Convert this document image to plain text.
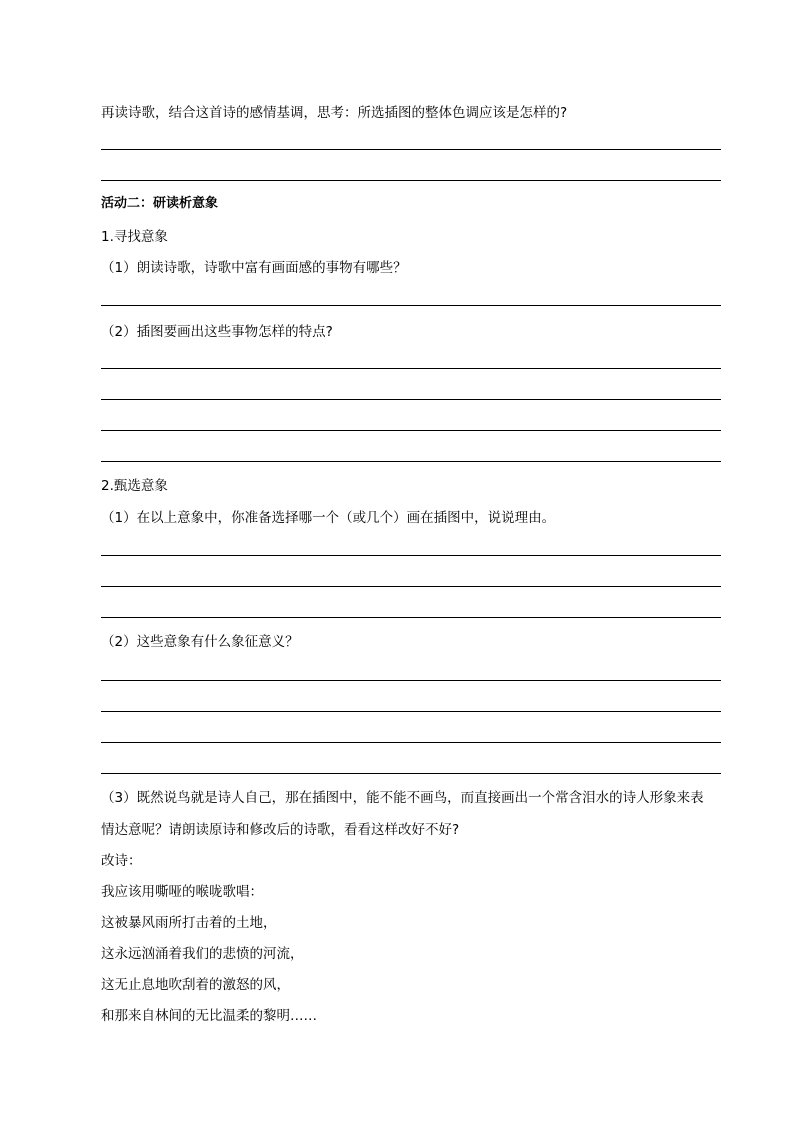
再读诗歌，结合这首诗的感情基调，思考：所选插图的整体色调应该是怎样的?
活动二：研读析意象
1.寻找意象
（1）朗读诗歌，诗歌中富有画面感的事物有哪些？
（2）插图要画出这些事物怎样的特点?
2.甄选意象
（1）在以上意象中，你准备选择哪一个（或几个）画在插图中，说说理由。
（2）这些意象有什么象征意义？
（3）既然说鸟就是诗人自己，那在插图中，能不能不画鸟，而直接画出一个常含泪水的诗人形象来表
情达意呢？请朗读原诗和修改后的诗歌，看看这样改好不好?
改诗：
我应该用嘶哑的喉咙歌唱：
这被暴风雨所打击着的土地，
这永远汹涌着我们的悲愤的河流，
这无止息地吹刮着的激怒的风，
和那来自林间的无比温柔的黎明……
